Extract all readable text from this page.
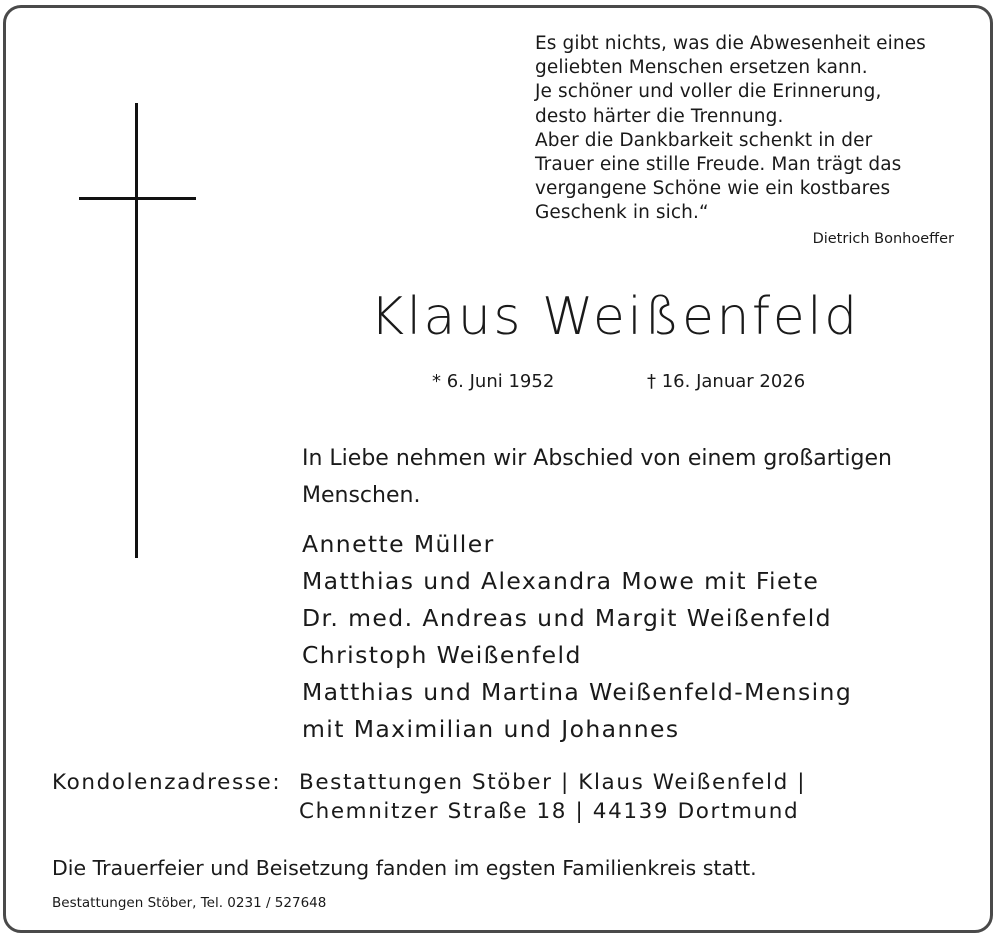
Es gibt nichts, was die Abwesenheit eines
geliebten Menschen ersetzen kann.
Je schöner und voller die Erinnerung,
desto härter die Trennung.
Aber die Dankbarkeit schenkt in der
Trauer eine stille Freude. Man trägt das
vergangene Schöne wie ein kostbares
Geschenk in sich.“
Dietrich Bonhoeffer
Klaus Weißenfeld
* 6. Juni 1952	† 16. Januar 2026
In Liebe nehmen wir Abschied von einem großartigen Menschen.
Annette Müller
Matthias und Alexandra Mowe mit Fiete
Dr. med. Andreas und Margit Weißenfeld
Christoph Weißenfeld
Matthias und Martina Weißenfeld-Mensing
mit Maximilian und Johannes
Kondolenzadresse: Bestattungen Stöber | Klaus Weißenfeld |
Chemnitzer Straße 18 | 44139 Dortmund
Die Trauerfeier und Beisetzung fanden im egsten Familienkreis statt.
Bestattungen Stöber, Tel. 0231 / 527648
